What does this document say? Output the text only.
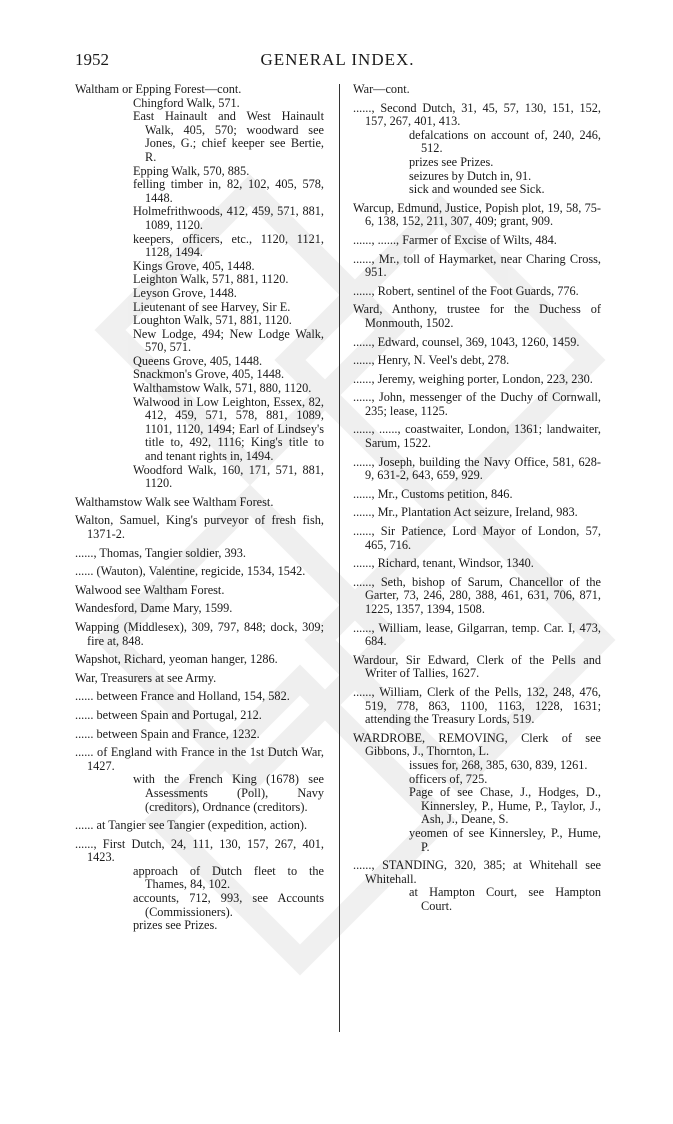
1952	GENERAL INDEX.
Waltham or Epping Forest—cont.
Chingford Walk, 571.
East Hainault and West Hainault Walk, 405, 570; woodward see Jones, G.; chief keeper see Bertie, R.
Epping Walk, 570, 885.
felling timber in, 82, 102, 405, 578, 1448.
Holmefrithwoods, 412, 459, 571, 881, 1089, 1120.
keepers, officers, etc., 1120, 1121, 1128, 1494.
Kings Grove, 405, 1448.
Leighton Walk, 571, 881, 1120.
Leyson Grove, 1448.
Lieutenant of see Harvey, Sir E.
Loughton Walk, 571, 881, 1120.
New Lodge, 494; New Lodge Walk, 570, 571.
Queens Grove, 405, 1448.
Snackmon's Grove, 405, 1448.
Walthamstow Walk, 571, 880, 1120.
Walwood in Low Leighton, Essex, 82, 412, 459, 571, 578, 881, 1089, 1101, 1120, 1494; Earl of Lindsey's title to, 492, 1116; King's title to and tenant rights in, 1494.
Woodford Walk, 160, 171, 571, 881, 1120.
Walthamstow Walk see Waltham Forest.
Walton, Samuel, King's purveyor of fresh fish, 1371-2.
......, Thomas, Tangier soldier, 393.
...... (Wauton), Valentine, regicide, 1534, 1542.
Walwood see Waltham Forest.
Wandesford, Dame Mary, 1599.
Wapping (Middlesex), 309, 797, 848; dock, 309; fire at, 848.
Wapshot, Richard, yeoman hanger, 1286.
War, Treasurers at see Army.
...... between France and Holland, 154, 582.
...... between Spain and Portugal, 212.
...... between Spain and France, 1232.
...... of England with France in the 1st Dutch War, 1427.
with the French King (1678) see Assessments (Poll), Navy (creditors), Ordnance (creditors).
...... at Tangier see Tangier (expedition, action).
......, First Dutch, 24, 111, 130, 157, 267, 401, 1423.
approach of Dutch fleet to the Thames, 84, 102.
accounts, 712, 993, see Accounts (Commissioners).
prizes see Prizes.
War—cont.
......, Second Dutch, 31, 45, 57, 130, 151, 152, 157, 267, 401, 413.
defalcations on account of, 240, 246, 512.
prizes see Prizes.
seizures by Dutch in, 91.
sick and wounded see Sick.
Warcup, Edmund, Justice, Popish plot, 19, 58, 75-6, 138, 152, 211, 307, 409; grant, 909.
......, ......, Farmer of Excise of Wilts, 484.
......, Mr., toll of Haymarket, near Charing Cross, 951.
......, Robert, sentinel of the Foot Guards, 776.
Ward, Anthony, trustee for the Duchess of Monmouth, 1502.
......, Edward, counsel, 369, 1043, 1260, 1459.
......, Henry, N. Veel's debt, 278.
......, Jeremy, weighing porter, London, 223, 230.
......, John, messenger of the Duchy of Cornwall, 235; lease, 1125.
......, ......, coastwaiter, London, 1361; landwaiter, Sarum, 1522.
......, Joseph, building the Navy Office, 581, 628-9, 631-2, 643, 659, 929.
......, Mr., Customs petition, 846.
......, Mr., Plantation Act seizure, Ireland, 983.
......, Sir Patience, Lord Mayor of London, 57, 465, 716.
......, Richard, tenant, Windsor, 1340.
......, Seth, bishop of Sarum, Chancellor of the Garter, 73, 246, 280, 388, 461, 631, 706, 871, 1225, 1357, 1394, 1508.
......, William, lease, Gilgarran, temp. Car. I, 473, 684.
Wardour, Sir Edward, Clerk of the Pells and Writer of Tallies, 1627.
......, William, Clerk of the Pells, 132, 248, 476, 519, 778, 863, 1100, 1163, 1228, 1631; attending the Treasury Lords, 519.
WARDROBE, REMOVING, Clerk of see Gibbons, J., Thornton, L.
issues for, 268, 385, 630, 839, 1261.
officers of, 725.
Page of see Chase, J., Hodges, D., Kinnersley, P., Hume, P., Taylor, J., Ash, J., Deane, S.
yeomen of see Kinnersley, P., Hume, P.
......, STANDING, 320, 385; at Whitehall see Whitehall.
at Hampton Court, see Hampton Court.
